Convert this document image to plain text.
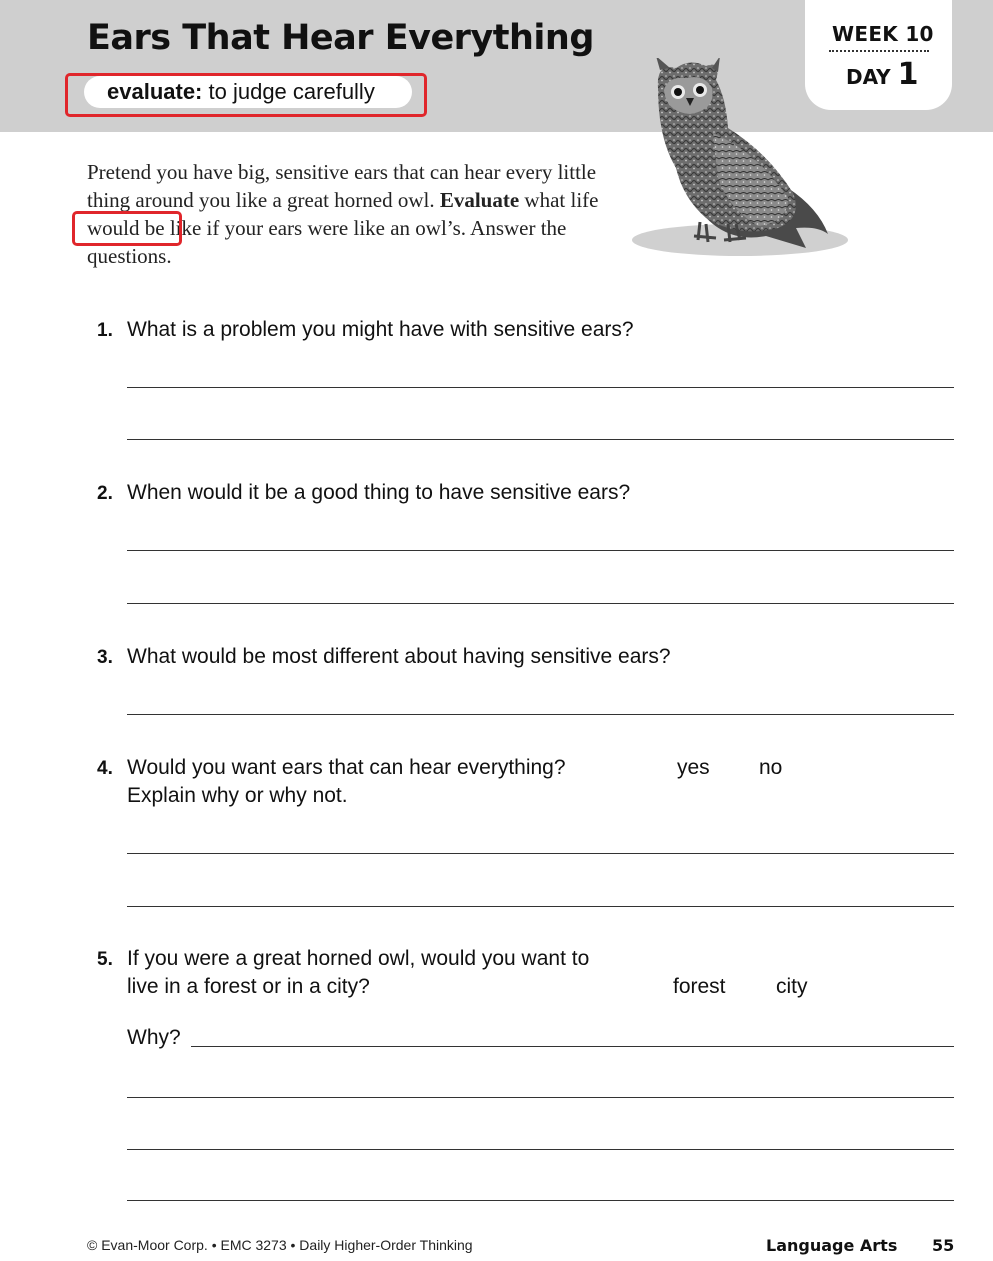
Ears That Hear Everything
evaluate: to judge carefully
WEEK 10
DAY 1

Pretend you have big, sensitive ears that can hear every little thing around you like a great horned owl. Evaluate what life would be like if your ears were like an owl’s. Answer the questions.

1. What is a problem you might have with sensitive ears?
2. When would it be a good thing to have sensitive ears?
3. What would be most different about having sensitive ears?
4. Would you want ears that can hear everything?
Explain why or why not.
yes no
5. If you were a great horned owl, would you want to
live in a forest or in a city?	forest city
Why?
© Evan-Moor Corp. • EMC 3273 • Daily Higher-Order Thinking	Language Arts 55
